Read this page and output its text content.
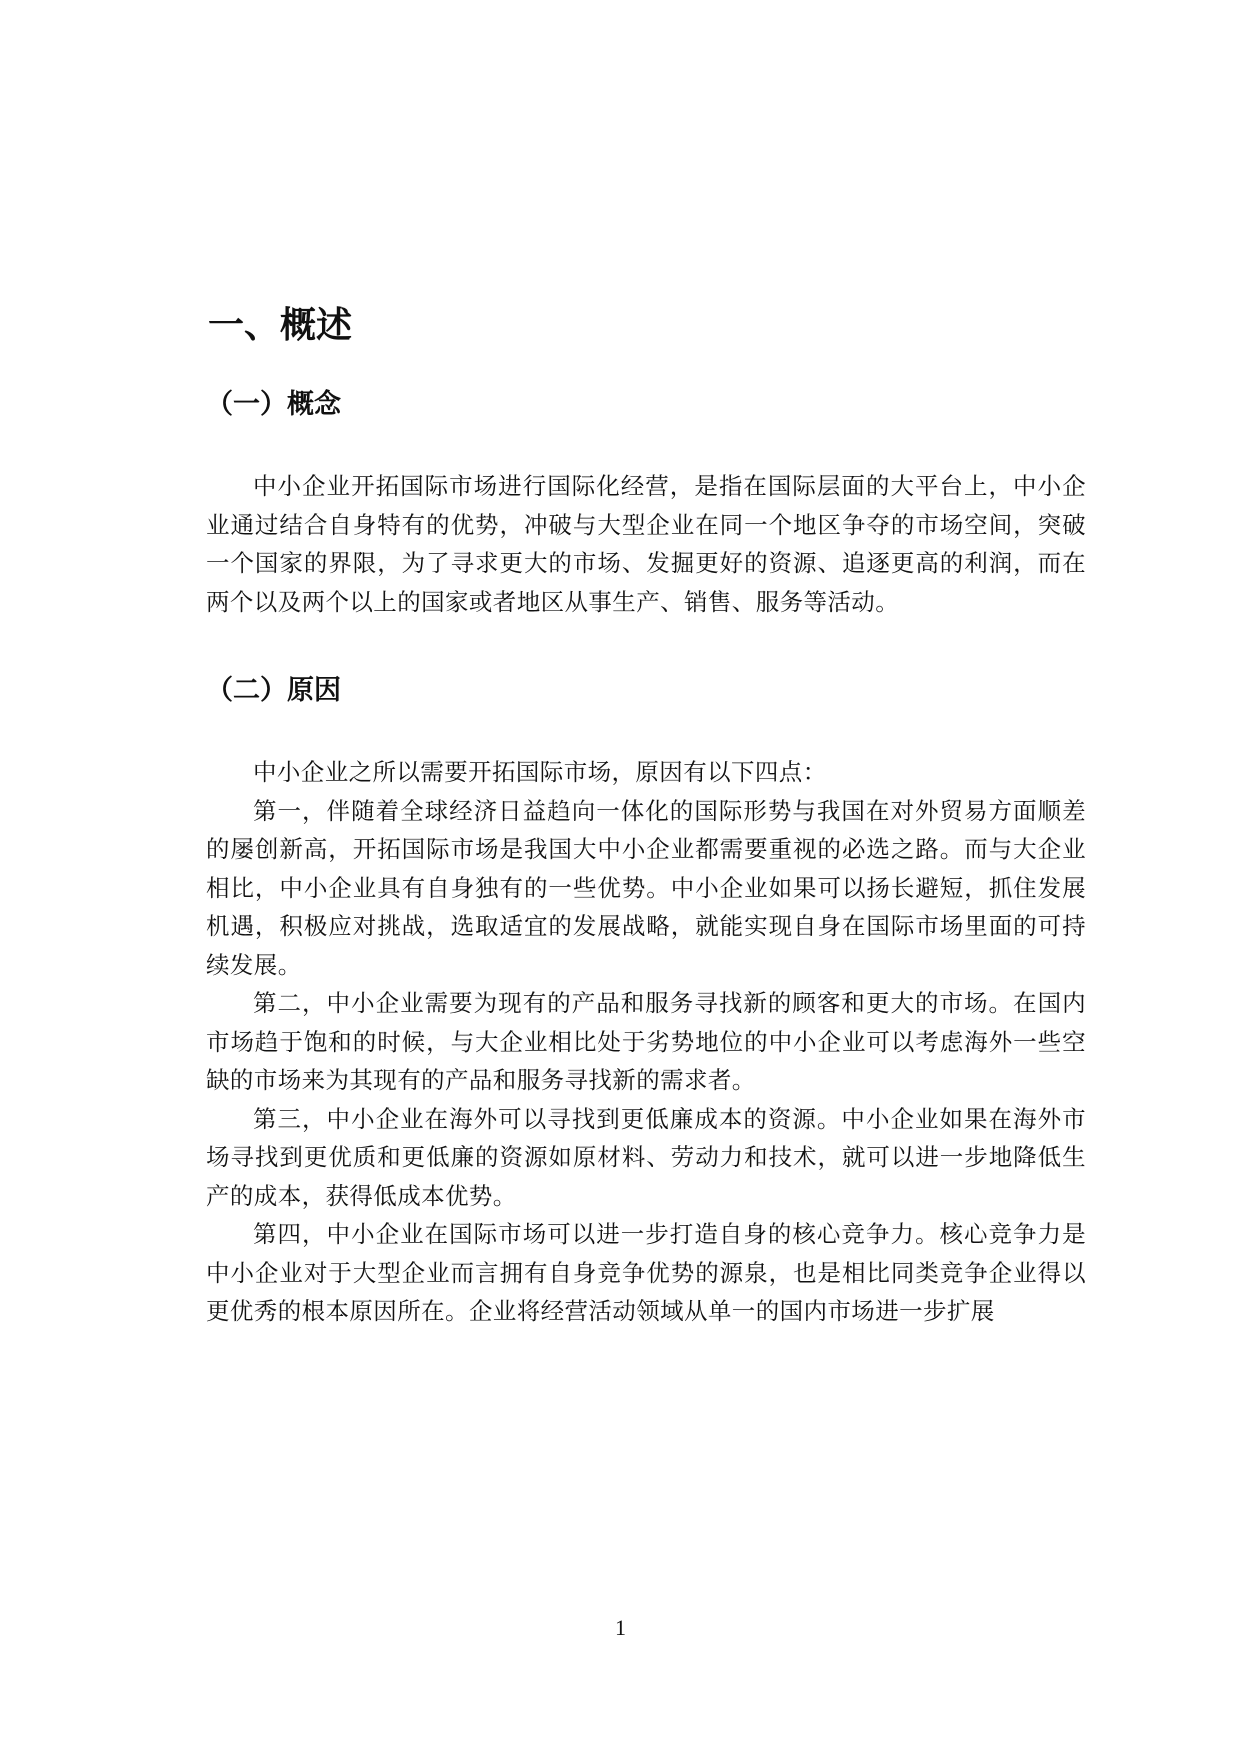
一、概述
（一）概念

中小企业开拓国际市场进行国际化经营，是指在国际层面的大平台上，中小企业通过结合自身特有的优势，冲破与大型企业在同一个地区争夺的市场空间，突破一个国家的界限，为了寻求更大的市场、发掘更好的资源、追逐更高的利润，而在两个以及两个以上的国家或者地区从事生产、销售、服务等活动。

（二）原因

中小企业之所以需要开拓国际市场，原因有以下四点：

第一，伴随着全球经济日益趋向一体化的国际形势与我国在对外贸易方面顺差的屡创新高，开拓国际市场是我国大中小企业都需要重视的必选之路。而与大企业相比，中小企业具有自身独有的一些优势。中小企业如果可以扬长避短，抓住发展机遇，积极应对挑战，选取适宜的发展战略，就能实现自身在国际市场里面的可持续发展。

第二，中小企业需要为现有的产品和服务寻找新的顾客和更大的市场。在国内市场趋于饱和的时候，与大企业相比处于劣势地位的中小企业可以考虑海外一些空缺的市场来为其现有的产品和服务寻找新的需求者。

第三，中小企业在海外可以寻找到更低廉成本的资源。中小企业如果在海外市场寻找到更优质和更低廉的资源如原材料、劳动力和技术，就可以进一步地降低生产的成本，获得低成本优势。

第四，中小企业在国际市场可以进一步打造自身的核心竞争力。核心竞争力是中小企业对于大型企业而言拥有自身竞争优势的源泉，也是相比同类竞争企业得以更优秀的根本原因所在。企业将经营活动领域从单一的国内市场进一步扩展

1
